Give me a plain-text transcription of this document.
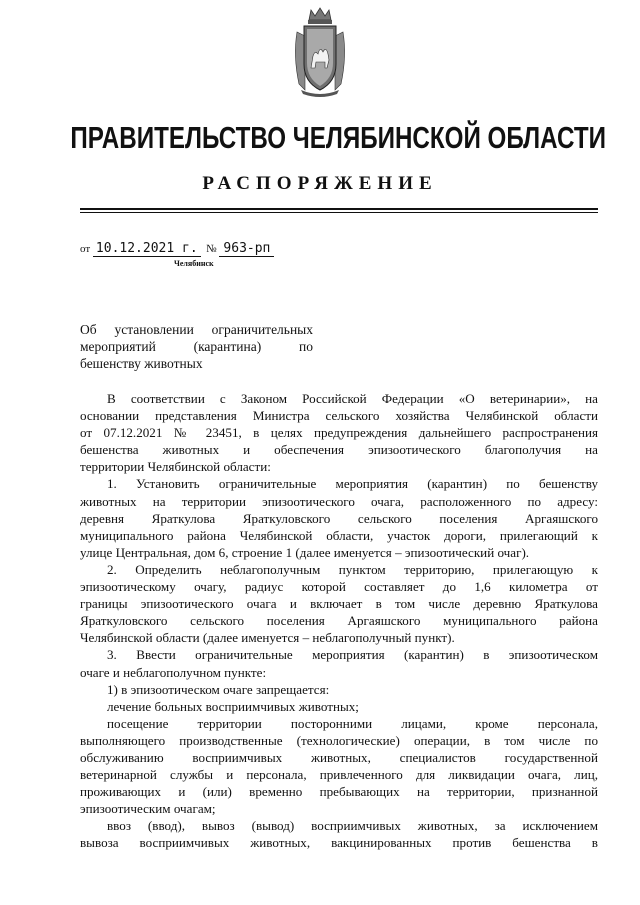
ПРАВИТЕЛЬСТВО ЧЕЛЯБИНСКОЙ ОБЛАСТИ
РАСПОРЯЖЕНИЕ
от 10.12.2021 г. № 963-рп
Челябинск
Об установлении ограничительных
мероприятий (карантина) по
бешенству животных
В соответствии с Законом Российской Федерации «О ветеринарии», на
основании представления Министра сельского хозяйства Челябинской области
от 07.12.2021 № 23451, в целях предупреждения дальнейшего распространения
бешенства животных и обеспечения эпизоотического благополучия на
территории Челябинской области:
1. Установить ограничительные мероприятия (карантин) по бешенству
животных на территории эпизоотического очага, расположенного по адресу:
деревня Яраткулова Яраткуловского сельского поселения Аргаяшского
муниципального района Челябинской области, участок дороги, прилегающий к
улице Центральная, дом 6, строение 1 (далее именуется – эпизоотический очаг).
2. Определить неблагополучным пунктом территорию, прилегающую к
эпизоотическому очагу, радиус которой составляет до 1,6 километра от
границы эпизоотического очага и включает в том числе деревню Яраткулова
Яраткуловского сельского поселения Аргаяшского муниципального района
Челябинской области (далее именуется – неблагополучный пункт).
3. Ввести ограничительные мероприятия (карантин) в эпизоотическом
очаге и неблагополучном пункте:
1) в эпизоотическом очаге запрещается:
лечение больных восприимчивых животных;
посещение территории посторонними лицами, кроме персонала,
выполняющего производственные (технологические) операции, в том числе по
обслуживанию восприимчивых животных, специалистов государственной
ветеринарной службы и персонала, привлеченного для ликвидации очага, лиц,
проживающих и (или) временно пребывающих на территории, признанной
эпизоотическим очагам;
ввоз (ввод), вывоз (вывод) восприимчивых животных, за исключением
вывоза восприимчивых животных, вакцинированных против бешенства в
